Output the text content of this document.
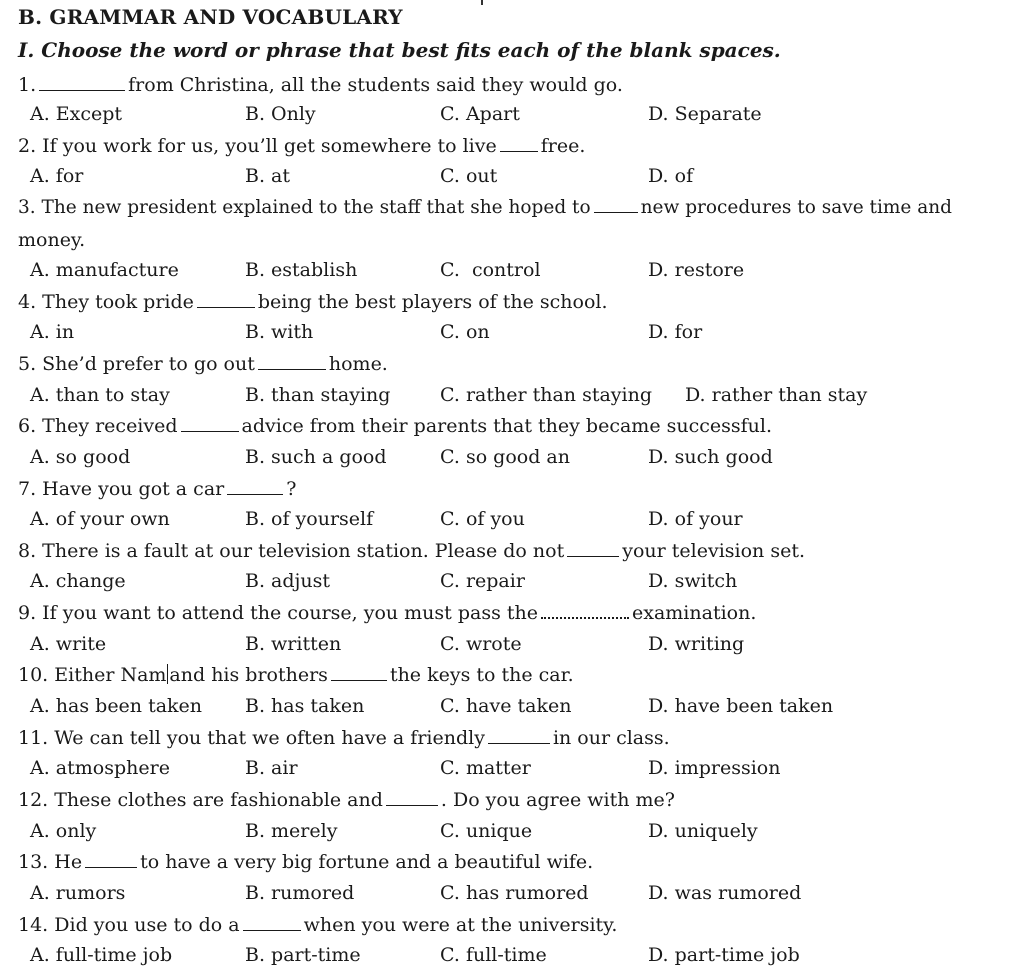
B. GRAMMAR AND VOCABULARY
I. Choose the word or phrase that best fits each of the blank spaces.
1.	from Christina, all the students said they would go.
A. Except	B. Only	C. Apart	D. Separate
2. If you work for us, you’ll get somewhere to live free.
A. for	B. at	C. out	D. of
3. The new president explained to the staff that she hoped to	new procedures to save time and
money.
A. manufacture	B. establish	C.  control	D. restore
4. They took pride	being the best players of the school.
A. in	B. with	C. on	D. for
5. She’d prefer to go out	home.
A. than to stay	B. than staying	C. rather than staying D. rather than stay
6. They received	advice from their parents that they became successful.
A. so good	B. such a good	C. so good an	D. such good
7. Have you got a car	?
A. of your own	B. of yourself	C. of you	D. of your
8. There is a fault at our television station. Please do not	your television set.
A. change	B. adjust	C. repair	D. switch
9. If you want to attend the course, you must pass the	examination.
A. write	B. written	C. wrote	D. writing
10. Either Nam and his brothers	the keys to the car.
A. has been taken B. has taken	C. have taken	D. have been taken
11. We can tell you that we often have a friendly	in our class.
A. atmosphere	B. air	C. matter	D. impression
12. These clothes are fashionable and	. Do you agree with me?
A. only	B. merely	C. unique	D. uniquely
13. He	to have a very big fortune and a beautiful wife.
A. rumors	B. rumored	C. has rumored	D. was rumored
14. Did you use to do a	when you were at the university.
A. full-time job	B. part-time	C. full-time	D. part-time job
